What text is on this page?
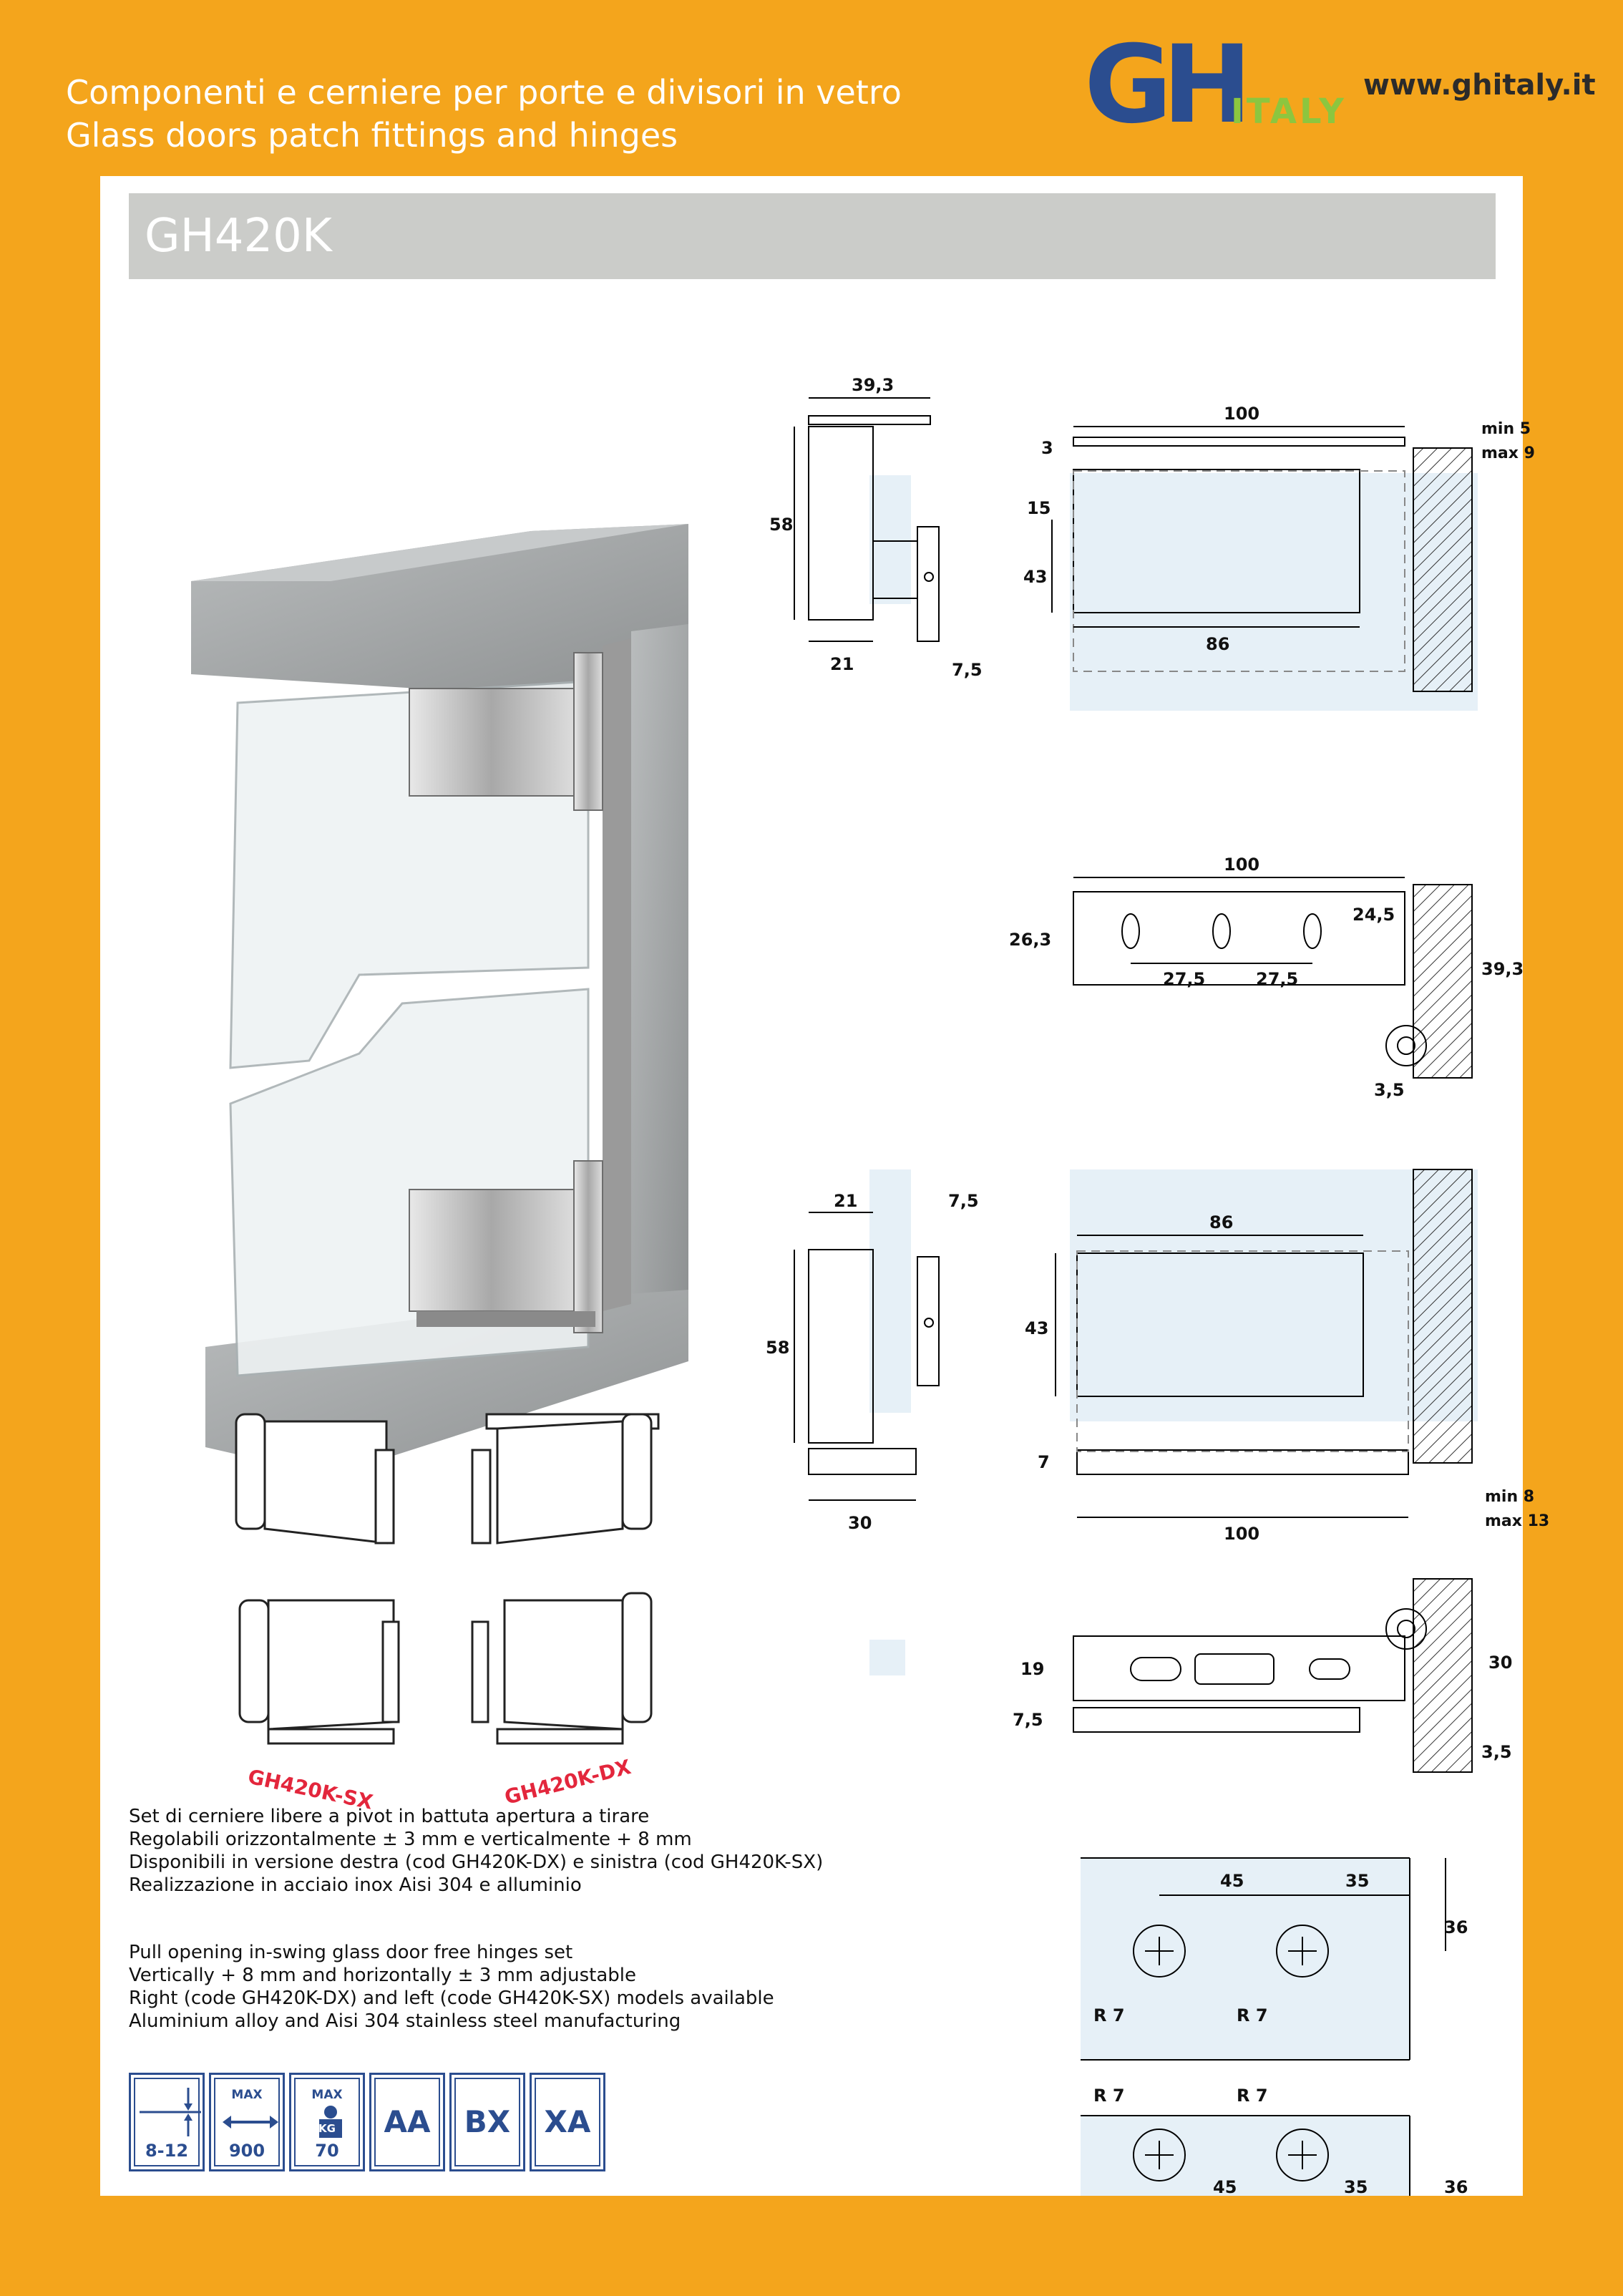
Componenti e cerniere per porte e divisori in vetro
Glass doors patch fittings and hinges	GH
ITALY
www.ghitaly.it
GH420K
39,3
58
21	7,5
100
min 5
max 9
3
15
43
86
100
24,5
26,3
27,5	27,5	39,3
3,5
21	7,5
58
30
86
43
7
100
min 8
max 13
19
7,5
30
3,5
45	35
36
R 7	R 7
R 7	R 7
45	35	36
GH420K-SX	GH420K-DX
Set di cerniere libere a pivot in battuta apertura a tirare
Regolabili orizzontalmente ± 3 mm e verticalmente + 8 mm
Disponibili in versione destra (cod GH420K-DX) e sinistra (cod GH420K-SX)
Realizzazione in acciaio inox Aisi 304 e alluminio
Pull opening in-swing glass door free hinges set
Vertically + 8 mm and horizontally ± 3 mm adjustable
Right (code GH420K-DX) and left (code GH420K-SX) models available
Aluminium alloy and Aisi 304 stainless steel manufacturing
8-12
MAX
900
MAX
KG
70
AA	BX	XA
